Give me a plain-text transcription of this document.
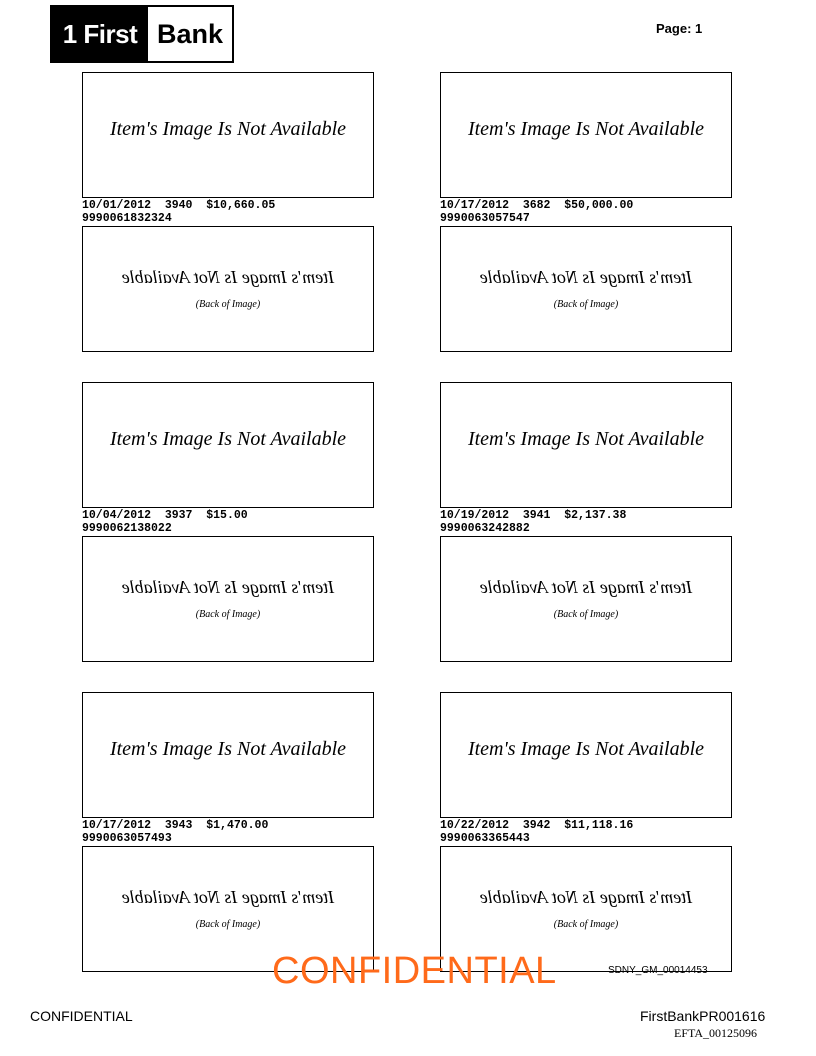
1
First Bank	Page: 1
Item's Image Is Not Available
10/01/2012 3940 $10,660.05
9990061832324
Item's Image Is Not Available
(Back of Image)
Item's Image Is Not Available
10/17/2012 3682 $50,000.00
9990063057547
Item's Image Is Not Available
(Back of Image)
Item's Image Is Not Available
10/04/2012 3937 $15.00
9990062138022
Item's Image Is Not Available
(Back of Image)
Item's Image Is Not Available
10/19/2012 3941 $2,137.38
9990063242882
Item's Image Is Not Available
(Back of Image)
Item's Image Is Not Available
10/17/2012 3943 $1,470.00
9990063057493
Item's Image Is Not Available
(Back of Image)
Item's Image Is Not Available
10/22/2012 3942 $11,118.16
9990063365443
Item's Image Is Not Available
(Back of Image)
CONFIDENTIAL	SDNY_GM_00014453
CONFIDENTIAL	FirstBankPR001616
EFTA_00125096
